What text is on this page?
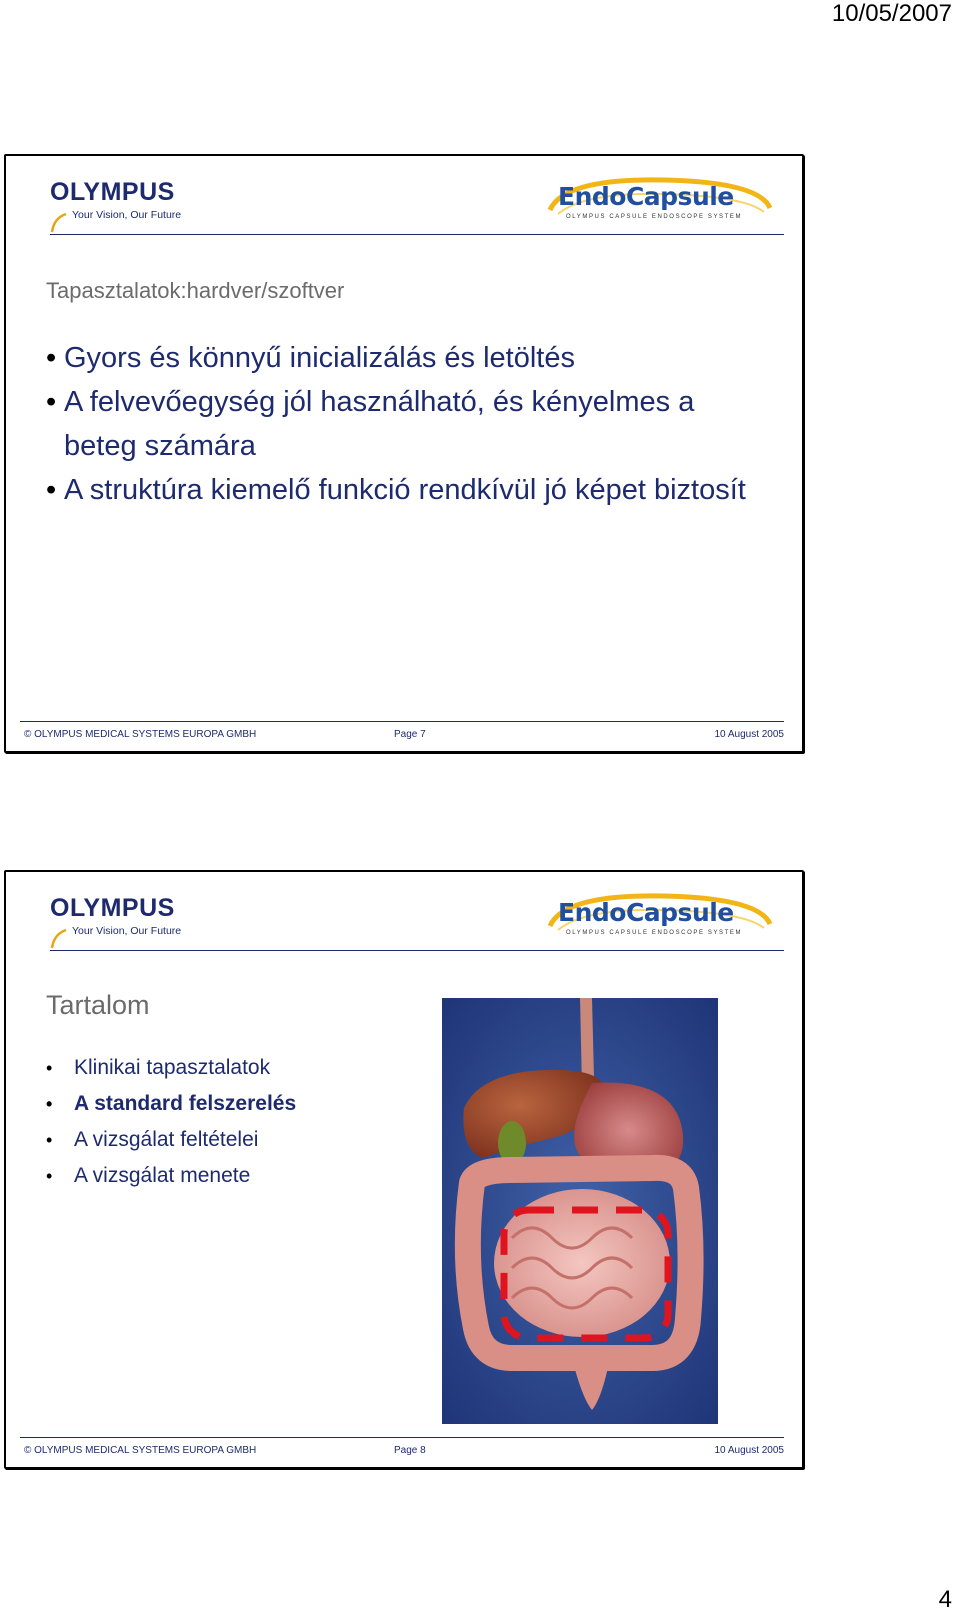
10/05/2007
OLYMPUS
Your Vision, Our Future
EndoCapsule
OLYMPUS CAPSULE ENDOSCOPE SYSTEM
Tapasztalatok:hardver/szoftver
• Gyors és könnyű inicializálás és letöltés
• A felvevőegység jól használható, és kényelmes a beteg számára
• A struktúra kiemelő funkció rendkívül jó képet biztosít
© OLYMPUS MEDICAL SYSTEMS EUROPA GMBH	Page 7	10 August 2005
OLYMPUS
Your Vision, Our Future
EndoCapsule
OLYMPUS CAPSULE ENDOSCOPE SYSTEM
Tartalom
• Klinikai tapasztalatok
• A standard felszerelés
• A vizsgálat feltételei
• A vizsgálat menete
© OLYMPUS MEDICAL SYSTEMS EUROPA GMBH	Page 8	10 August 2005
4
